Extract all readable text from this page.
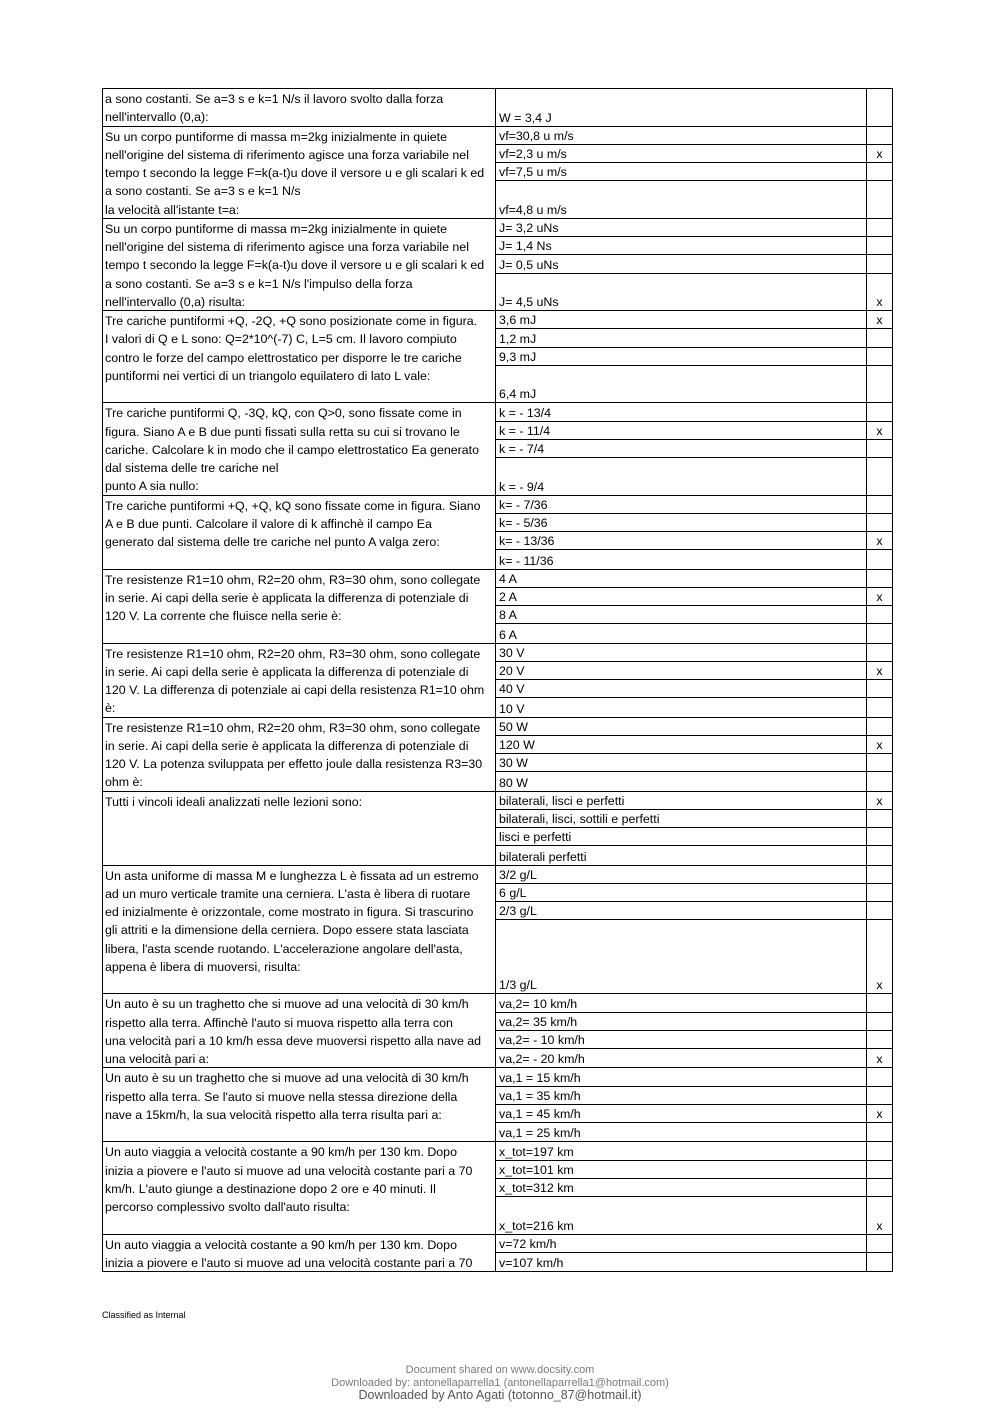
a sono costanti. Se a=3 s e k=1 N/s il lavoro svolto dalla forza
nell'intervallo (0,a):	W = 3,4 J
Su un corpo puntiforme di massa m=2kg inizialmente in quiete
nell'origine del sistema di riferimento agisce una forza variabile nel
tempo t secondo la legge F=k(a-t)u dove il versore u e gli scalari k ed
a sono costanti. Se a=3 s e k=1 N/s
la velocità all'istante t=a:
vf=30,8 u m/s
vf=2,3 u m/s	x
vf=7,5 u m/s
vf=4,8 u m/s
Su un corpo puntiforme di massa m=2kg inizialmente in quiete
nell'origine del sistema di riferimento agisce una forza variabile nel
tempo t secondo la legge F=k(a-t)u dove il versore u e gli scalari k ed
a sono costanti. Se a=3 s e k=1 N/s l'impulso della forza
nell'intervallo (0,a) risulta:
J= 3,2 uNs
J= 1,4 Ns
J= 0,5 uNs
J= 4,5 uNs	x
Tre cariche puntiformi +Q, -2Q, +Q sono posizionate come in figura.
I valori di Q e L sono: Q=2*10^(-7) C, L=5 cm. Il lavoro compiuto
contro le forze del campo elettrostatico per disporre le tre cariche
puntiformi nei vertici di un triangolo equilatero di lato L vale:
3,6 mJ	x
1,2 mJ
9,3 mJ
6,4 mJ
Tre cariche puntiformi Q, -3Q, kQ, con Q>0, sono fissate come in
figura. Siano A e B due punti fissati sulla retta su cui si trovano le
cariche. Calcolare k in modo che il campo elettrostatico Ea generato
dal sistema delle tre cariche nel
punto A sia nullo:
k = - 13/4
k = - 11/4	x
k = - 7/4
k = - 9/4
Tre cariche puntiformi +Q, +Q, kQ sono fissate come in figura. Siano
A e B due punti. Calcolare il valore di k affinchè il campo Ea
generato dal sistema delle tre cariche nel punto A valga zero:
k= - 7/36
k= - 5/36
k= - 13/36	x
k= - 11/36
Tre resistenze R1=10 ohm, R2=20 ohm, R3=30 ohm, sono collegate
in serie. Ai capi della serie è applicata la differenza di potenziale di
120 V. La corrente che fluisce nella serie è:
4 A
2 A	x
8 A
6 A
Tre resistenze R1=10 ohm, R2=20 ohm, R3=30 ohm, sono collegate
in serie. Ai capi della serie è applicata la differenza di potenziale di
120 V. La differenza di potenziale ai capi della resistenza R1=10 ohm
è:
30 V
20 V	x
40 V
10 V
Tre resistenze R1=10 ohm, R2=20 ohm, R3=30 ohm, sono collegate
in serie. Ai capi della serie è applicata la differenza di potenziale di
120 V. La potenza sviluppata per effetto joule dalla resistenza R3=30
ohm è:
50 W
120 W	x
30 W
80 W
Tutti i vincoli ideali analizzati nelle lezioni sono:	bilaterali, lisci e perfetti	x
bilaterali, lisci, sottili e perfetti
lisci e perfetti
bilaterali perfetti
Un asta uniforme di massa M e lunghezza L è fissata ad un estremo
ad un muro verticale tramite una cerniera. L'asta è libera di ruotare
ed inizialmente è orizzontale, come mostrato in figura. Si trascurino
gli attriti e la dimensione della cerniera. Dopo essere stata lasciata
libera, l'asta scende ruotando. L'accelerazione angolare dell'asta,
appena è libera di muoversi, risulta:
3/2 g/L
6 g/L
2/3 g/L
1/3 g/L	x
Un auto è su un traghetto che si muove ad una velocità di 30 km/h
rispetto alla terra. Affinchè l'auto si muova rispetto alla terra con
una velocità pari a 10 km/h essa deve muoversi rispetto alla nave ad
una velocità pari a:
va,2= 10 km/h
va,2= 35 km/h
va,2= - 10 km/h
va,2= - 20 km/h	x
Un auto è su un traghetto che si muove ad una velocità di 30 km/h
rispetto alla terra. Se l'auto si muove nella stessa direzione della
nave a 15km/h, la sua velocità rispetto alla terra risulta pari a:
va,1 = 15 km/h
va,1 = 35 km/h
va,1 = 45 km/h	x
va,1 = 25 km/h
Un auto viaggia a velocità costante a 90 km/h per 130 km. Dopo
inizia a piovere e l'auto si muove ad una velocità costante pari a 70
km/h. L'auto giunge a destinazione dopo 2 ore e 40 minuti. Il
percorso complessivo svolto dall'auto risulta:
x_tot=197 km
x_tot=101 km
x_tot=312 km
x_tot=216 km	x
Un auto viaggia a velocità costante a 90 km/h per 130 km. Dopo
inizia a piovere e l'auto si muove ad una velocità costante pari a 70
v=72 km/h
v=107 km/h
Classified as Internal
Document shared on www.docsity.com
Downloaded by: antonellaparrella1 (antonellaparrella1@hotmail.com)
Downloaded by Anto Agati (totonno_87@hotmail.it)
